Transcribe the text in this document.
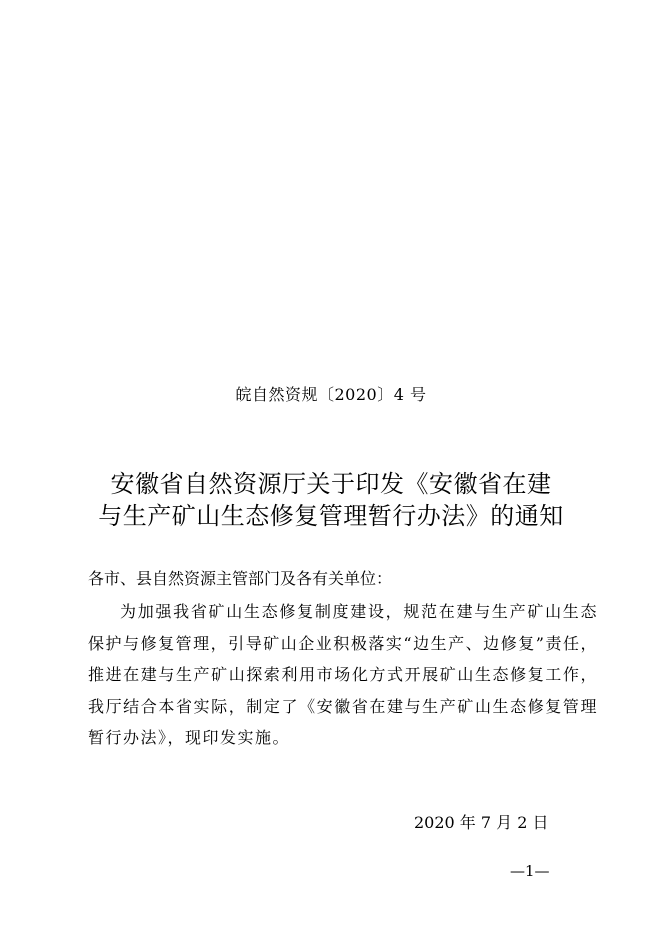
皖自然资规〔2020〕4 号
安徽省自然资源厅关于印发《安徽省在建
与生产矿山生态修复管理暂行办法》的通知
各市、县自然资源主管部门及各有关单位：

为加强我省矿山生态修复制度建设，规范在建与生产矿山生态保护与修复管理，引导矿山企业积极落实“边生产、边修复”责任，推进在建与生产矿山探索利用市场化方式开展矿山生态修复工作，我厅结合本省实际，制定了《安徽省在建与生产矿山生态修复管理暂行办法》，现印发实施。

2020 年 7 月 2 日
—1—
